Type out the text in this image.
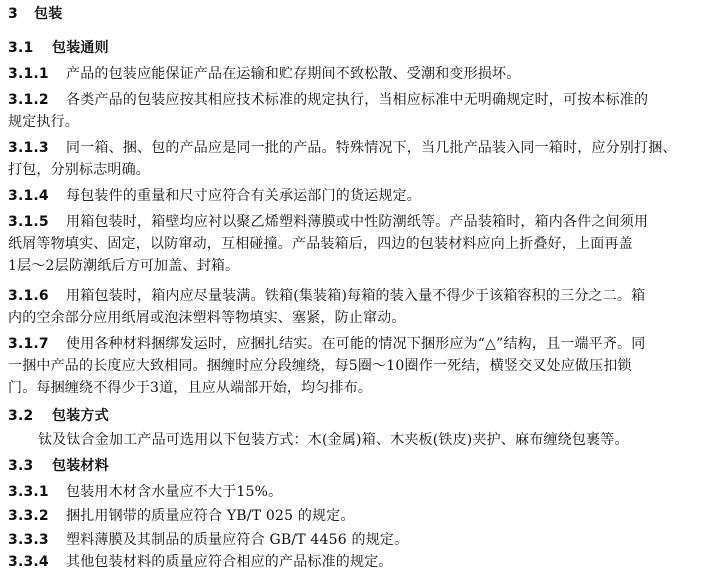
3 包装
3.1 包装通则
3.1.1 产品的包装应能保证产品在运输和贮存期间不致松散、受潮和变形损坏。
3.1.2 各类产品的包装应按其相应技术标准的规定执行，当相应标准中无明确规定时，可按本标准的
规定执行。
3.1.3 同一箱、捆、包的产品应是同一批的产品。特殊情况下，当几批产品装入同一箱时，应分别打捆、
打包，分别标志明确。
3.1.4 每包装件的重量和尺寸应符合有关承运部门的货运规定。
3.1.5 用箱包装时，箱壁均应衬以聚乙烯塑料薄膜或中性防潮纸等。产品装箱时，箱内各件之间须用
纸屑等物填实、固定，以防窜动，互相碰撞。产品装箱后，四边的包装材料应向上折叠好，上面再盖
1层～2层防潮纸后方可加盖、封箱。
3.1.6 用箱包装时，箱内应尽量装满。铁箱(集装箱)每箱的装入量不得少于该箱容积的三分之二。箱
内的空余部分应用纸屑或泡沫塑料等物填实、塞紧，防止窜动。
3.1.7 使用各种材料捆绑发运时，应捆扎结实。在可能的情况下捆形应为“△”结构，且一端平齐。同
一捆中产品的长度应大致相同。捆缠时应分段缠绕，每5圈～10圈作一死结，横竖交叉处应做压扣锁
门。每捆缠绕不得少于3道，且应从端部开始，均匀排布。
3.2 包装方式
钛及钛合金加工产品可选用以下包装方式：木(金属)箱、木夹板(铁皮)夹护、麻布缠绕包裹等。
3.3 包装材料
3.3.1 包装用木材含水量应不大于15%。
3.3.2 捆扎用钢带的质量应符合 YB/T 025 的规定。
3.3.3 塑料薄膜及其制品的质量应符合 GB/T 4456 的规定。
3.3.4 其他包装材料的质量应符合相应的产品标准的规定。
